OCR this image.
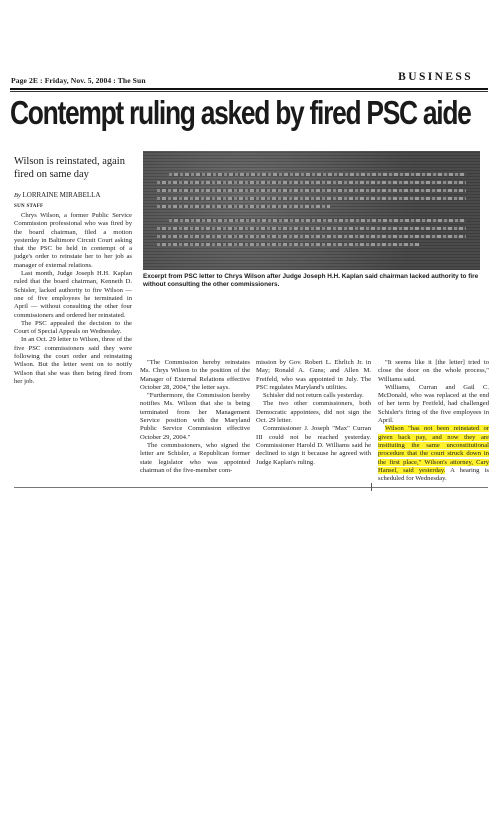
Page 2E : Friday, Nov. 5, 2004 : The Sun	BUSINESS
Contempt ruling asked by fired PSC aide
Wilson is reinstated, again fired on same day
By LORRAINE MIRABELLA
SUN STAFF

Chrys Wilson, a former Public Service Commission professional who was fired by the board chairman, filed a motion yesterday in Baltimore Circuit Court asking that the PSC be held in contempt of a judge's order to reinstate her to her job as manager of external relations.

Last month, Judge Joseph H.H. Kaplan ruled that the board chairman, Kenneth D. Schisler, lacked authority to fire Wilson — one of five employees he terminated in April — without consulting the other four commissioners and ordered her reinstated.

The PSC appealed the decision to the Court of Special Appeals on Wednesday.

In an Oct. 29 letter to Wilson, three of the five PSC commissioners said they were following the court order and reinstating Wilson. But the letter went on to notify Wilson that she was then being fired from her job.

Excerpt from PSC letter to Chrys Wilson after Judge Joseph H.H. Kaplan said chairman lacked authority to fire without consulting the other commissioners.

"The Commission hereby reinstates Ms. Chrys Wilson to the position of the Manager of External Relations effective October 28, 2004," the letter says.

"Furthermore, the Commission hereby notifies Ms. Wilson that she is being terminated from her Management Service position with the Maryland Public Service Commission effective October 29, 2004."

The commissioners, who signed the letter are Schisler, a Republican former state legislator who was appointed chairman of the five-member com-

mission by Gov. Robert L. Ehrlich Jr. in May; Ronald A. Guns; and Allen M. Freifeld, who was appointed in July. The PSC regulates Maryland's utilities.

Schisler did not return calls yesterday.

The two other commissioners, both Democratic appointees, did not sign the Oct. 29 letter.

Commissioner J. Joseph "Max" Curran III could not be reached yesterday. Commissioner Harold D. Williams said he declined to sign it because he agreed with Judge Kaplan's ruling.

"It seems like it [the letter] tried to close the door on the whole process," Williams said.

Williams, Curran and Gail C. McDonald, who was replaced at the end of her term by Freifeld, had challenged Schisler's firing of the five employees in April.

Wilson "has not been reinstated or given back pay, and now they are instituting the same unconstitutional procedure that the court struck down in the first place," Wilson's attorney, Cary Hansel, said yesterday. A hearing is scheduled for Wednesday.
